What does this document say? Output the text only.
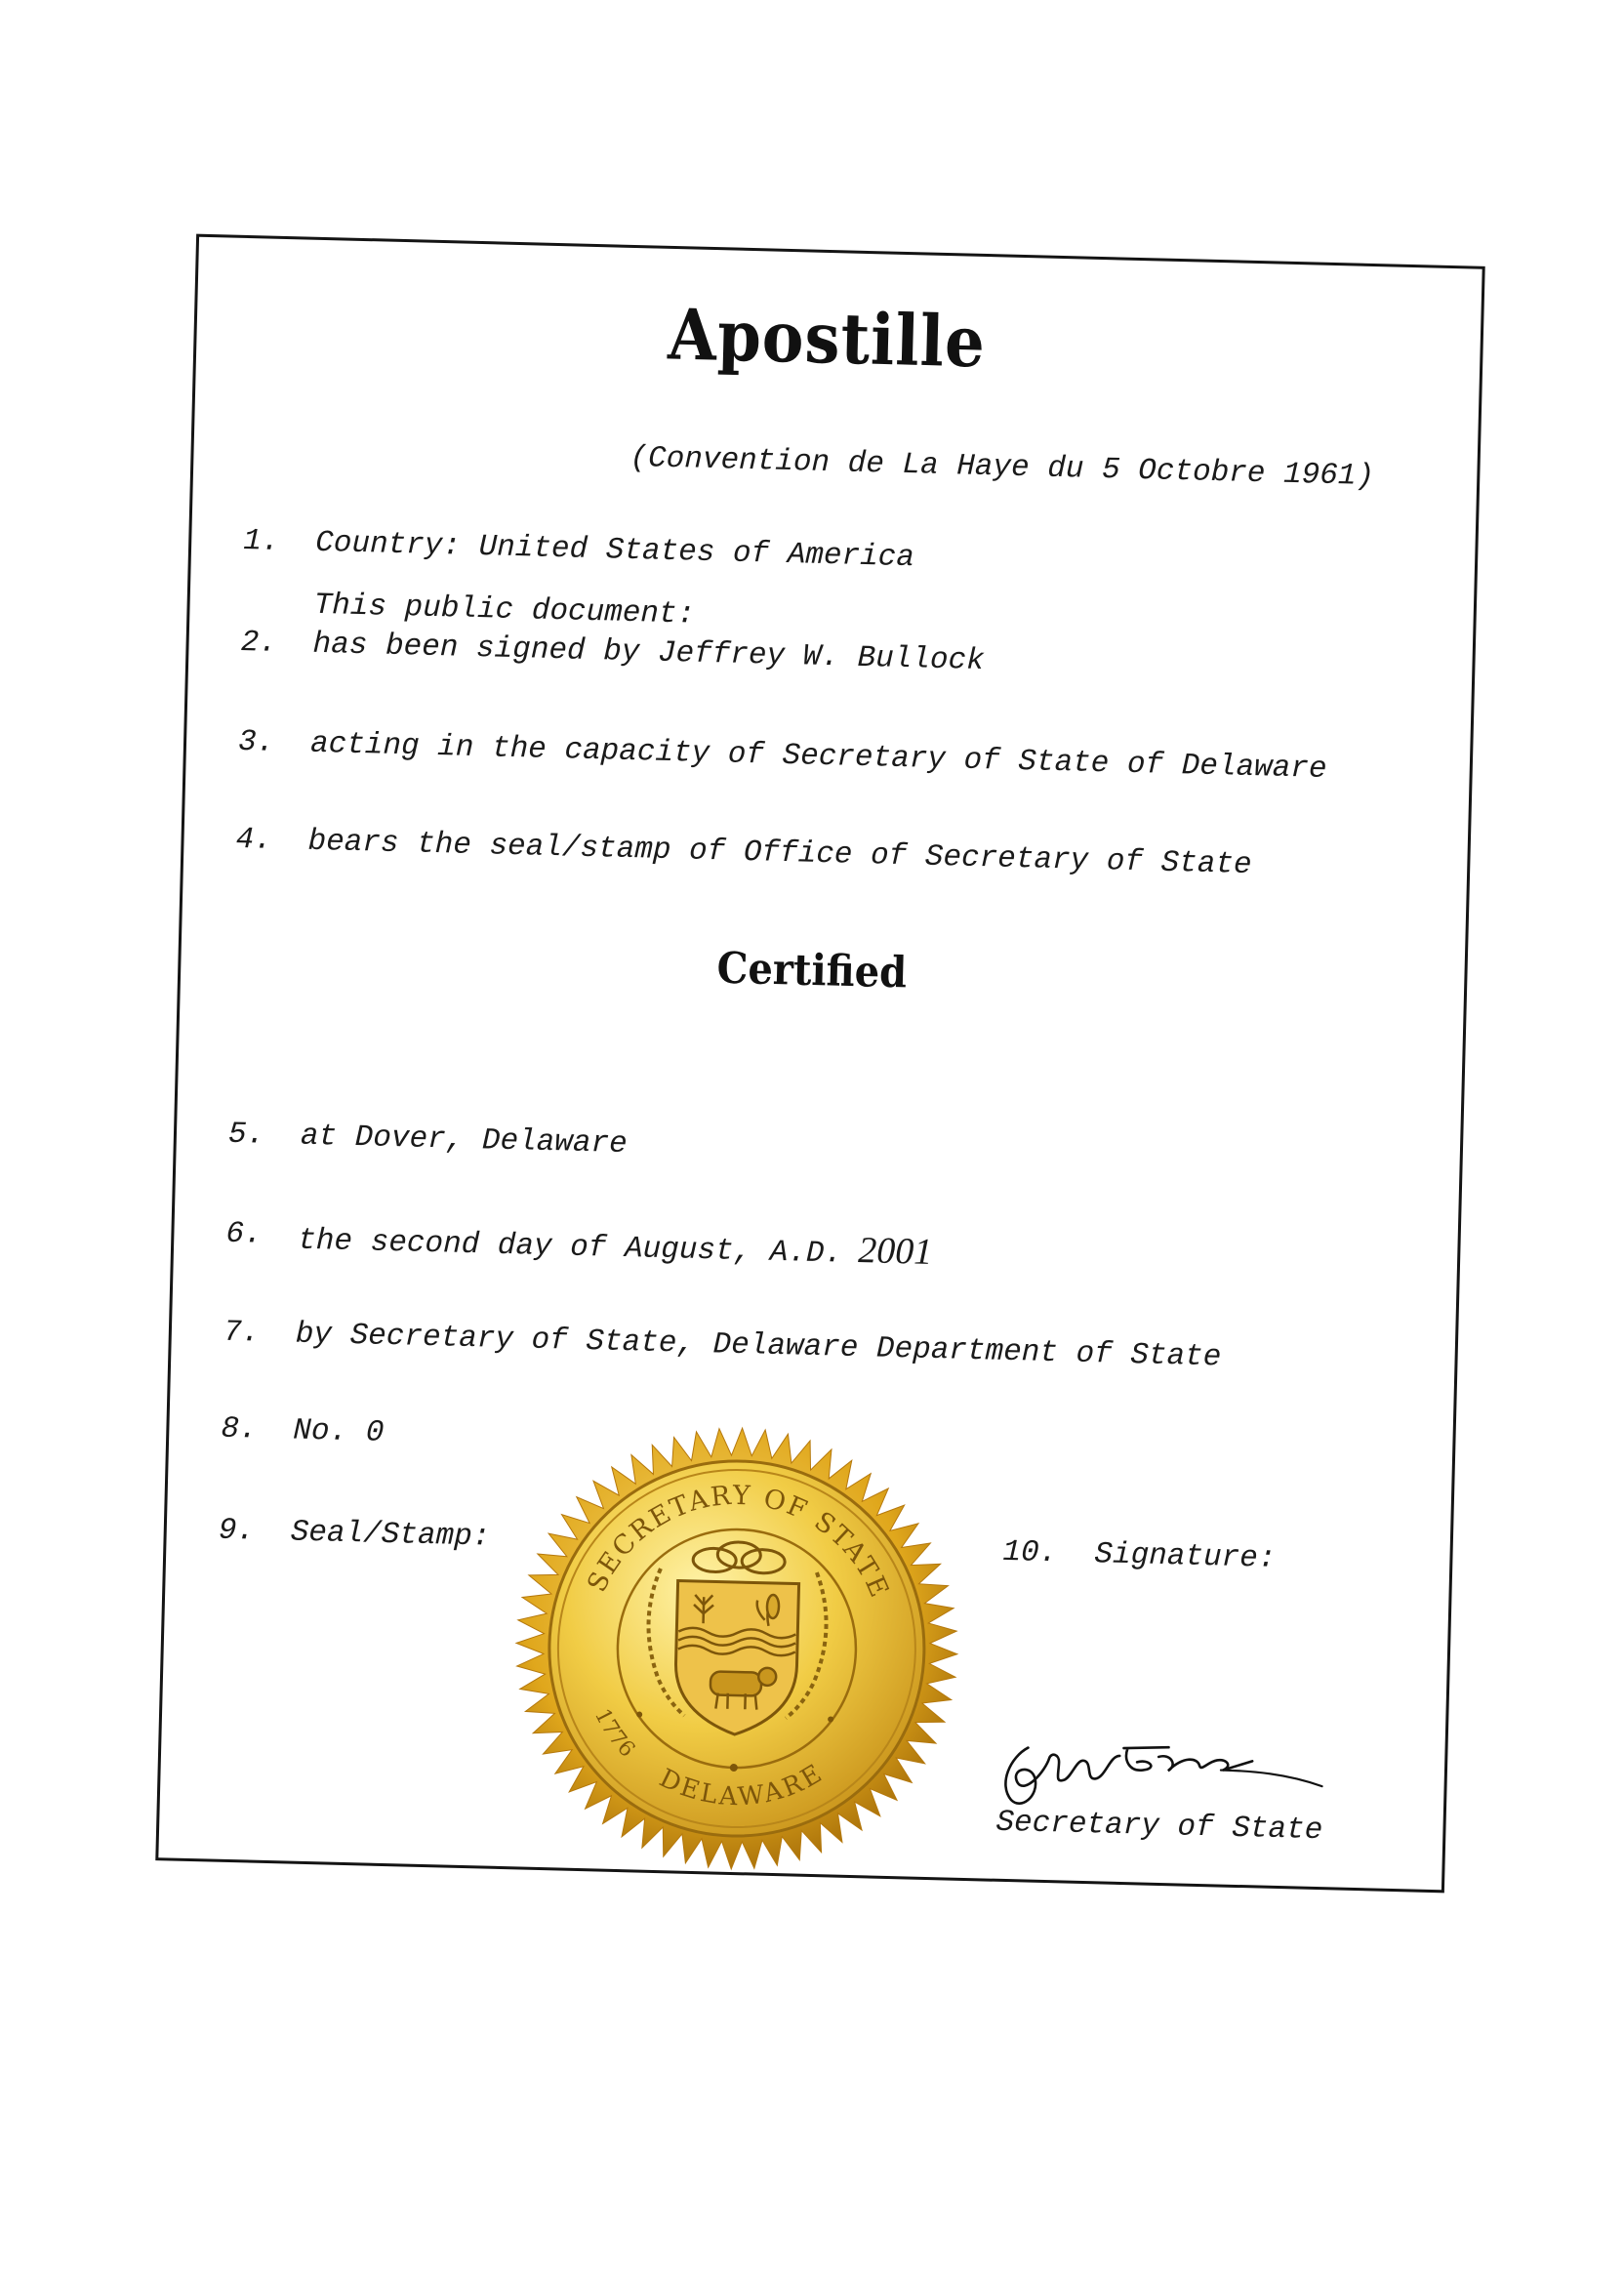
Apostille
(Convention de La Haye du 5 Octobre 1961)
1. Country: United States of America
This public document:
2. has been signed by Jeffrey W. Bullock
3. acting in the capacity of Secretary of State of Delaware
4. bears the seal/stamp of Office of Secretary of State
Certified
5. at Dover, Delaware
6. the second day of August, A.D. 2001
7. by Secretary of State, Delaware Department of State
8. No. 0
9. Seal/Stamp:	10. Signature:
SECRETARY OF STATE
DELAWARE
1776
Secretary of State
